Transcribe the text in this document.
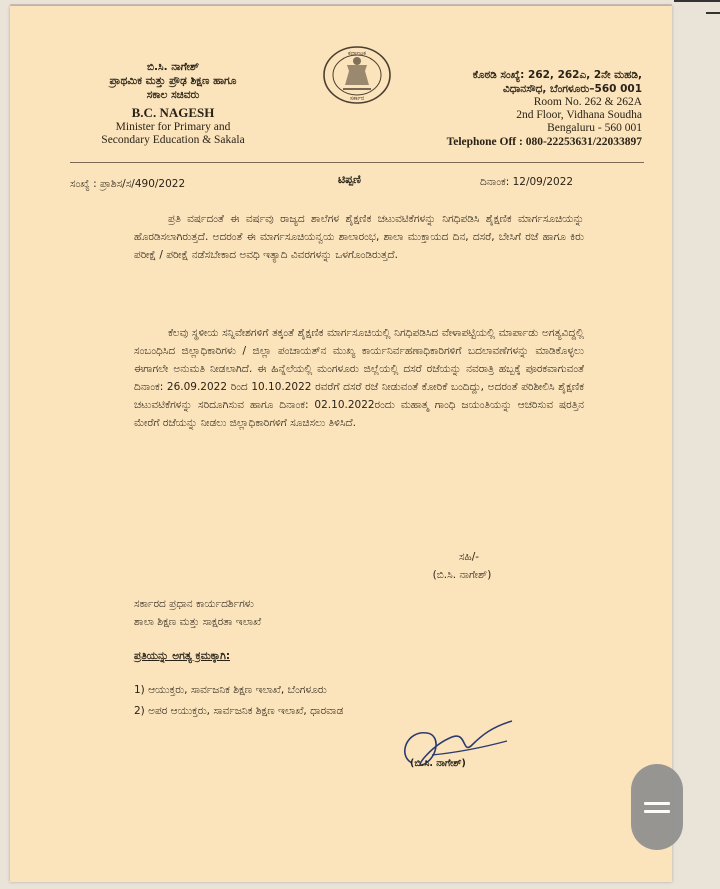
ಬಿ.ಸಿ. ನಾಗೇಶ್
ಪ್ರಾಥಮಿಕ ಮತ್ತು ಪ್ರೌಢ ಶಿಕ್ಷಣ ಹಾಗೂ
ಸಕಾಲ ಸಚಿವರು
B.C. NAGESH
Minister for Primary and
Secondary Education & Sakala
ಕರ್ನಾಟಕ
ಸರ್ಕಾರ
ಕೊಠಡಿ ಸಂಖ್ಯೆ: 262, 262ಎ, 2ನೇ ಮಹಡಿ,
ವಿಧಾನಸೌಧ, ಬೆಂಗಳೂರು–560 001
Room No. 262 & 262A
2nd Floor, Vidhana Soudha
Bengaluru - 560 001
Telephone Off : 080-22253631/22033897
ಸಂಖ್ಯೆ : ಪ್ರಾಶಿಸ/ಸ/490/2022	ಟಿಪ್ಪಣಿ	ದಿನಾಂಕ: 12/09/2022
ಪ್ರತಿ ವರ್ಷದಂತೆ ಈ ವರ್ಷವು ರಾಜ್ಯದ ಶಾಲೆಗಳ ಶೈಕ್ಷಣಿಕ ಚಟುವಟಿಕೆಗಳನ್ನು ನಿಗಧಿಪಡಿಸಿ ಶೈಕ್ಷಣಿಕ ಮಾರ್ಗಸೂಚಿಯನ್ನು ಹೊರಡಿಸಲಾಗಿರುತ್ತದೆ. ಅದರಂತೆ ಈ ಮಾರ್ಗಸೂಚಿಯನ್ವಯ ಶಾಲಾರಂಭ, ಶಾಲಾ ಮುಕ್ತಾಯದ ದಿನ, ದಸರೆ, ಬೇಸಿಗೆ ರಜೆ ಹಾಗೂ ಕಿರು ಪರೀಕ್ಷೆ / ಪರೀಕ್ಷೆ ನಡೆಸಬೇಕಾದ ಅವಧಿ ಇತ್ಯಾದಿ ವಿವರಗಳನ್ನು ಒಳಗೊಂಡಿರುತ್ತದೆ.
ಕೆಲವು ಸ್ಥಳೀಯ ಸನ್ನಿವೇಶಗಳಿಗೆ ತಕ್ಕಂತೆ ಶೈಕ್ಷಣಿಕ ಮಾರ್ಗಸೂಚಿಯಲ್ಲಿ ನಿಗಧಿಪಡಿಸಿದ ವೇಳಾಪಟ್ಟಿಯಲ್ಲಿ ಮಾರ್ಪಾಡು ಅಗತ್ಯವಿದ್ದಲ್ಲಿ ಸಂಬಂಧಿಸಿದ ಜಿಲ್ಲಾಧಿಕಾರಿಗಳು / ಜಿಲ್ಲಾ ಪಂಚಾಯತ್‌ನ ಮುಖ್ಯ ಕಾರ್ಯನಿರ್ವಹಣಾಧಿಕಾರಿಗಳಿಗೆ ಬದಲಾವಣೆಗಳನ್ನು ಮಾಡಿಕೊಳ್ಳಲು ಈಗಾಗಲೇ ಅನುಮತಿ ನೀಡಲಾಗಿದೆ. ಈ ಹಿನ್ನೆಲೆಯಲ್ಲಿ ಮಂಗಳೂರು ಜಿಲ್ಲೆಯಲ್ಲಿ ದಸರೆ ರಜೆಯನ್ನು ನವರಾತ್ರಿ ಹಬ್ಬಕ್ಕೆ ಪೂರಕವಾಗುವಂತೆ ದಿನಾಂಕ: 26.09.2022 ರಿಂದ 10.10.2022 ರವರೆಗೆ ದಸರೆ ರಜೆ ನೀಡುವಂತೆ ಕೋರಿಕೆ ಬಂದಿದ್ದು, ಅದರಂತೆ ಪರಿಶೀಲಿಸಿ ಶೈಕ್ಷಣಿಕ ಚಟುವಟಿಕೆಗಳನ್ನು ಸರಿದೂಗಿಸುವ ಹಾಗೂ ದಿನಾಂಕ: 02.10.2022ರಂದು ಮಹಾತ್ಮ ಗಾಂಧಿ ಜಯಂತಿಯನ್ನು ಆಚರಿಸುವ ಷರತ್ತಿನ ಮೇರೆಗೆ ರಜೆಯನ್ನು ನೀಡಲು ಜಿಲ್ಲಾಧಿಕಾರಿಗಳಿಗೆ ಸೂಚಿಸಲು ತಿಳಿಸಿದೆ.
ಸಹಿ/-
(ಬಿ.ಸಿ. ನಾಗೇಶ್)
ಸರ್ಕಾರದ ಪ್ರಧಾನ ಕಾರ್ಯದರ್ಶಿಗಳು
ಶಾಲಾ ಶಿಕ್ಷಣ ಮತ್ತು ಸಾಕ್ಷರತಾ ಇಲಾಖೆ
ಪ್ರತಿಯನ್ನು ಅಗತ್ಯ ಕ್ರಮಕ್ಕಾಗಿ:
1) ಆಯುಕ್ತರು, ಸಾರ್ವಜನಿಕ ಶಿಕ್ಷಣ ಇಲಾಖೆ, ಬೆಂಗಳೂರು
2) ಅಪರ ಆಯುಕ್ತರು, ಸಾರ್ವಜನಿಕ ಶಿಕ್ಷಣ ಇಲಾಖೆ, ಧಾರವಾಡ
(ಬಿ.ಸಿ. ನಾಗೇಶ್)
